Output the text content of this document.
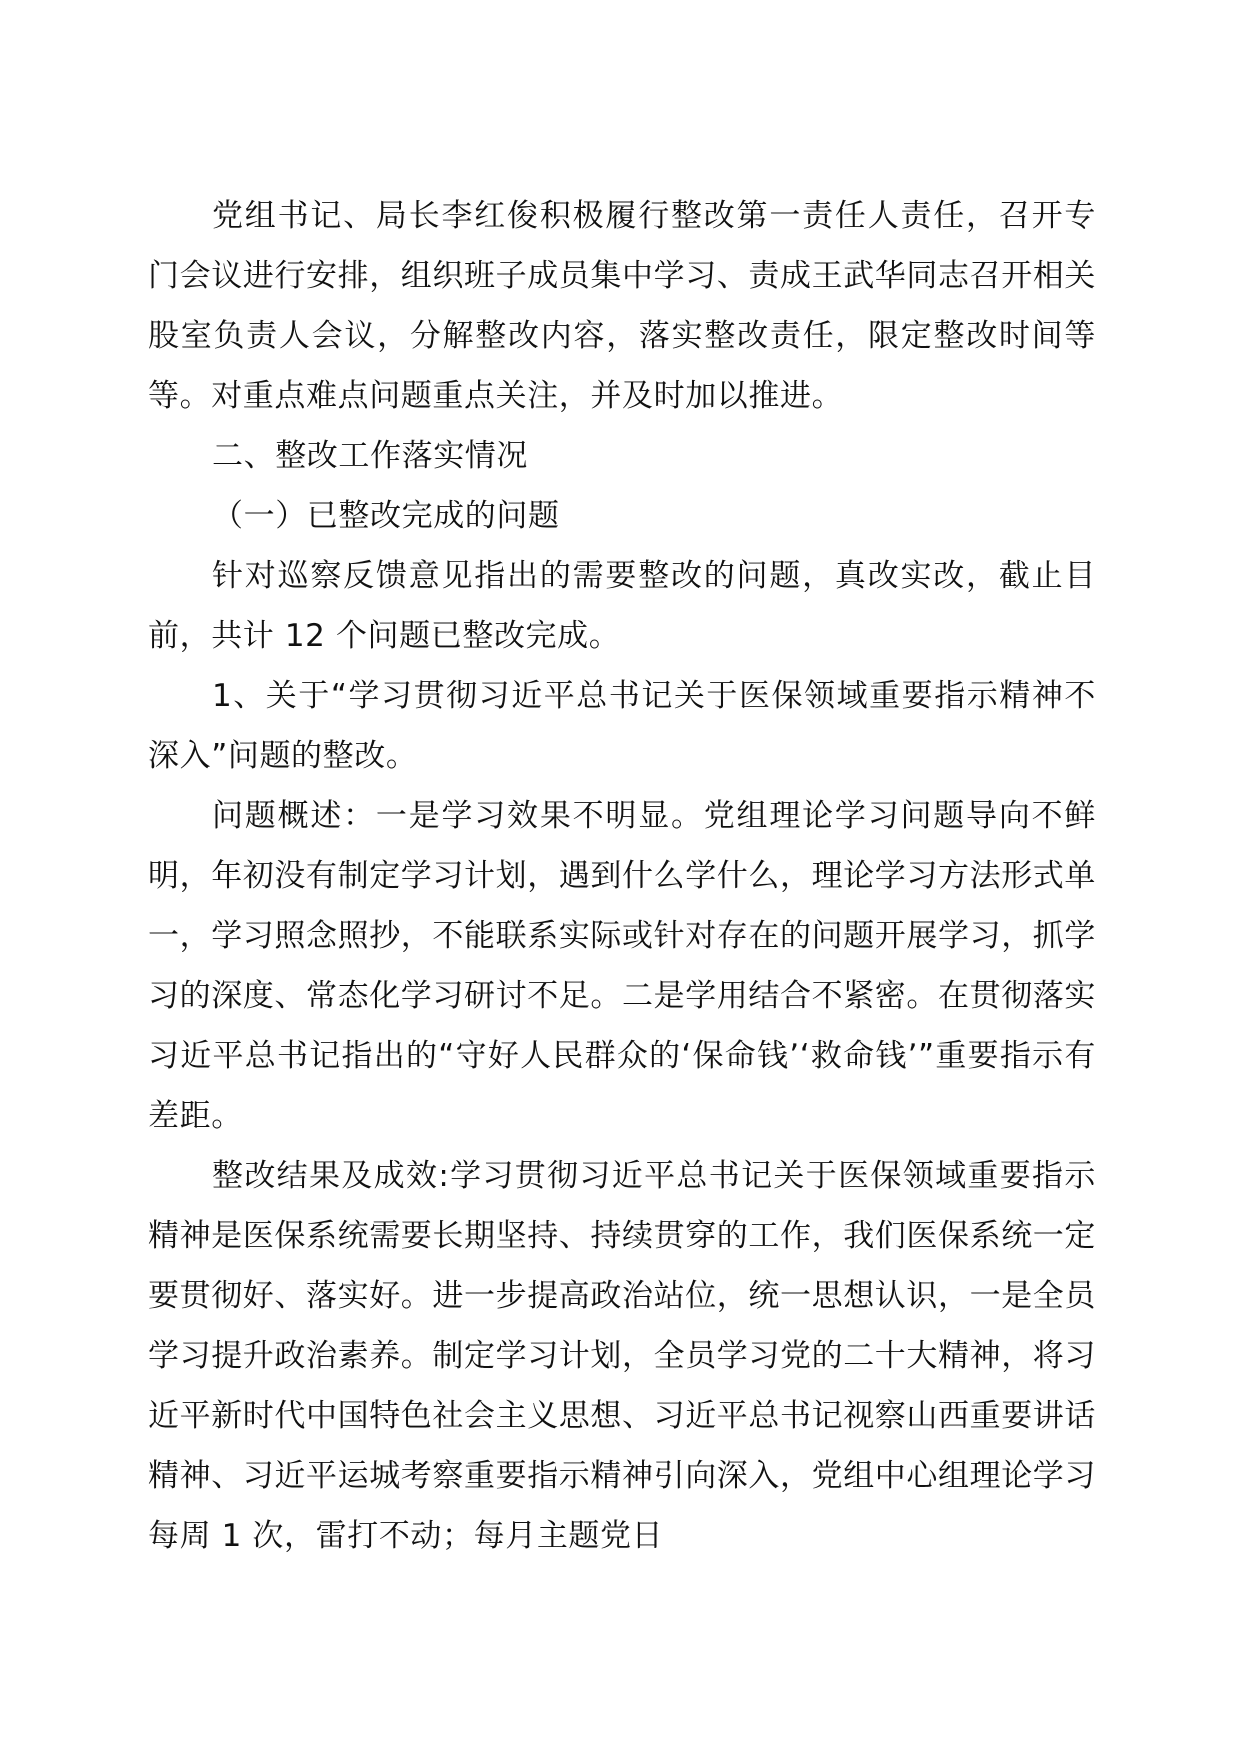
党组书记、局长李红俊积极履行整改第一责任人责任，召开专门会议进行安排，组织班子成员集中学习、责成王武华同志召开相关股室负责人会议，分解整改内容，落实整改责任，限定整改时间等等。对重点难点问题重点关注，并及时加以推进。

二、整改工作落实情况

（一）已整改完成的问题

针对巡察反馈意见指出的需要整改的问题，真改实改，截止目前，共计 12 个问题已整改完成。

1、关于“学习贯彻习近平总书记关于医保领域重要指示精神不深入”问题的整改。

问题概述：一是学习效果不明显。党组理论学习问题导向不鲜明，年初没有制定学习计划，遇到什么学什么，理论学习方法形式单一，学习照念照抄，不能联系实际或针对存在的问题开展学习，抓学习的深度、常态化学习研讨不足。二是学用结合不紧密。在贯彻落实习近平总书记指出的“守好人民群众的‘保命钱’‘救命钱’”重要指示有差距。

整改结果及成效:学习贯彻习近平总书记关于医保领域重要指示精神是医保系统需要长期坚持、持续贯穿的工作，我们医保系统一定要贯彻好、落实好。进一步提高政治站位，统一思想认识，一是全员学习提升政治素养。制定学习计划，全员学习党的二十大精神，将习近平新时代中国特色社会主义思想、习近平总书记视察山西重要讲话精神、习近平运城考察重要指示精神引向深入，党组中心组理论学习每周 1 次，雷打不动；每月主题党日
